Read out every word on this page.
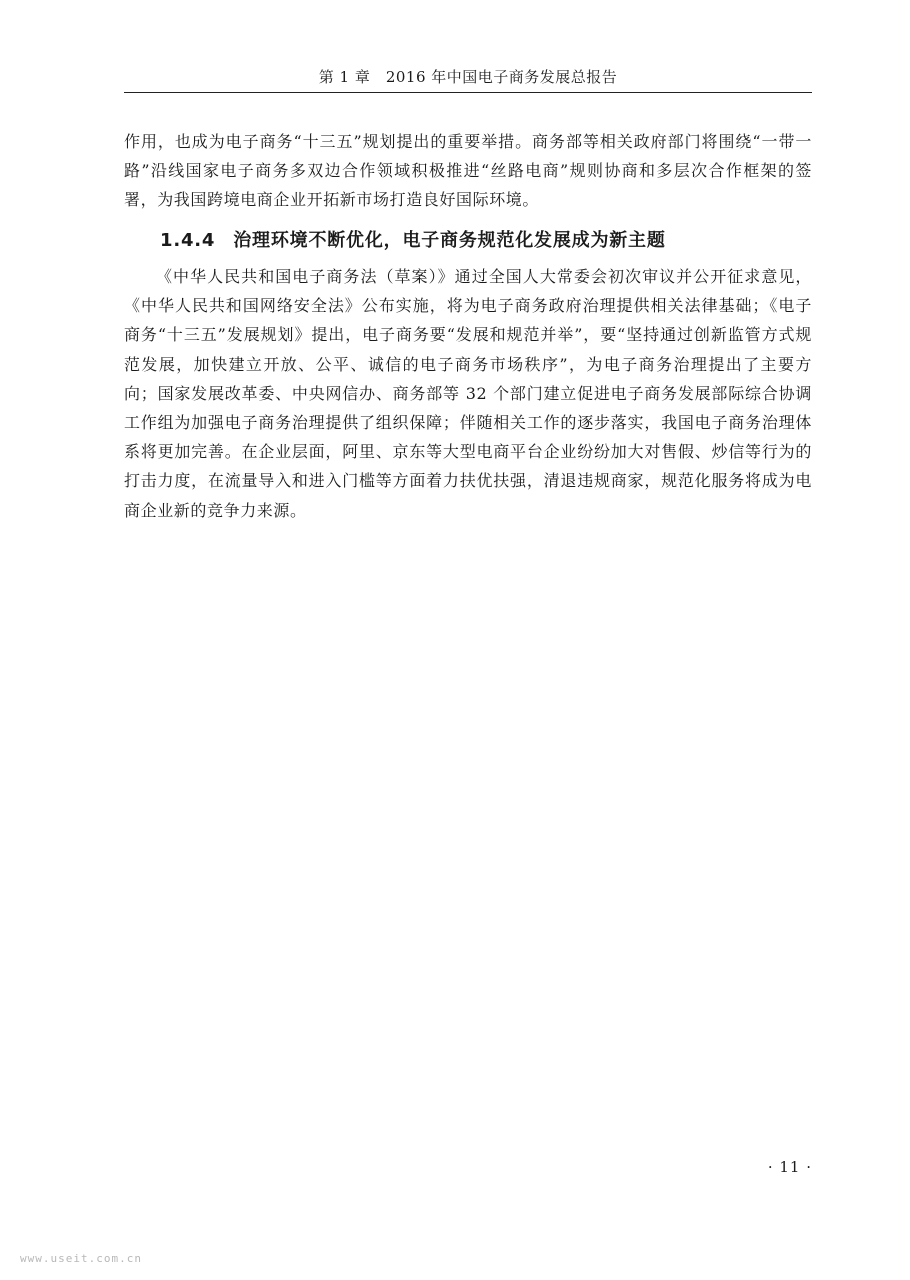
第 1 章　2016 年中国电子商务发展总报告
作用，也成为电子商务“十三五”规划提出的重要举措。商务部等相关政府部门将围绕“一带一路”沿线国家电子商务多双边合作领域积极推进“丝路电商”规则协商和多层次合作框架的签署，为我国跨境电商企业开拓新市场打造良好国际环境。
1.4.4 治理环境不断优化，电子商务规范化发展成为新主题
《中华人民共和国电子商务法（草案）》通过全国人大常委会初次审议并公开征求意见，《中华人民共和国网络安全法》公布实施，将为电子商务政府治理提供相关法律基础；《电子商务“十三五”发展规划》提出，电子商务要“发展和规范并举”，要“坚持通过创新监管方式规范发展，加快建立开放、公平、诚信的电子商务市场秩序”，为电子商务治理提出了主要方向；国家发展改革委、中央网信办、商务部等 32 个部门建立促进电子商务发展部际综合协调工作组为加强电子商务治理提供了组织保障；伴随相关工作的逐步落实，我国电子商务治理体系将更加完善。在企业层面，阿里、京东等大型电商平台企业纷纷加大对售假、炒信等行为的打击力度，在流量导入和进入门槛等方面着力扶优扶强，清退违规商家，规范化服务将成为电商企业新的竞争力来源。
· 11 ·
www.useit.com.cn
